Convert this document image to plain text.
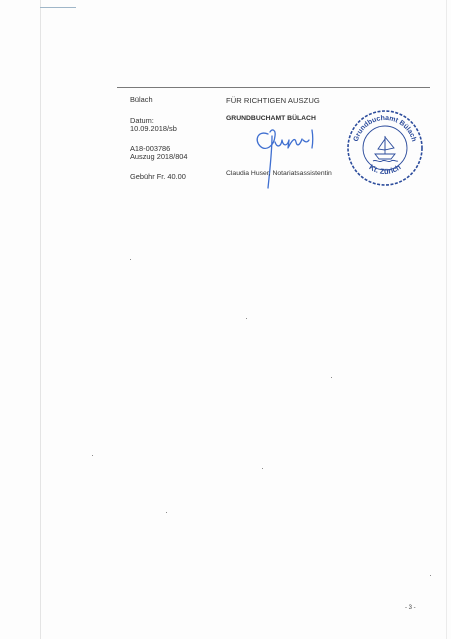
Bülach
Datum:
10.09.2018/sb
A18-003786
Auszug 2018/804
Gebühr Fr. 40.00
FÜR RICHTIGEN AUSZUG
GRUNDBUCHAMT BÜLACH
Grundbuchamt Bülach
Kt. Zürich
Claudia Huser, Notariatsassistentin
- 3 -
